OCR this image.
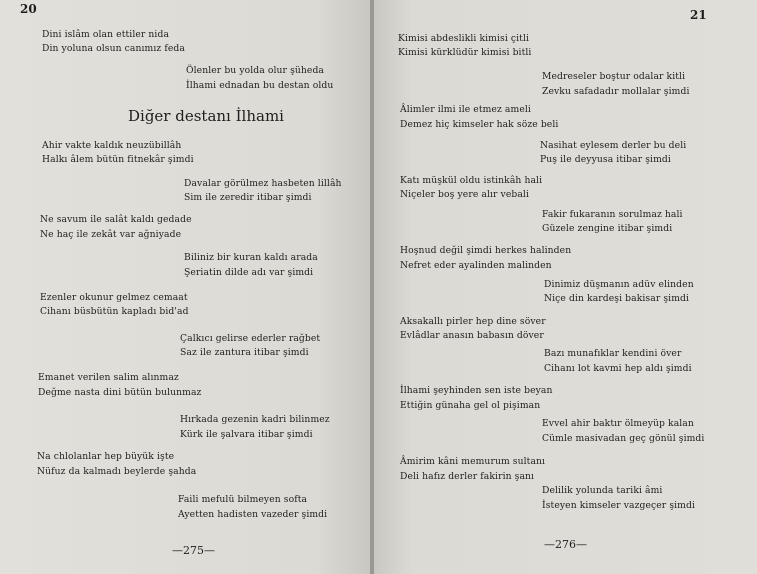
20
Dini islâm olan ettiler nida
Din yoluna olsun canımız feda
Ölenler bu yolda olur şüheda
İlhami ednadan bu destan oldu
Diğer destanı İlhami
Ahir vakte kaldık neuzübillâh
Halkı âlem bütün fitnekâr şimdi
Davalar görülmez hasbeten lillâh
Sim ile zeredir itibar şimdi
Ne savum ile salât kaldı gedade
Ne haç ile zekât var ağniyade
Biliniz bir kuran kaldı arada
Şeriatin dilde adı var şimdi
Ezenler okunur gelmez cemaat
Cihanı büsbütün kapladı bid'ad
Çalkıcı gelirse ederler rağbet
Saz ile zantura itibar şimdi
Emanet verilen salim alınmaz
Değme nasta dini bütün bulunmaz
Hırkada gezenin kadri bilinmez
Kürk ile şalvara itibar şimdi
Na chlolanlar hep büyük işte
Nüfuz da kalmadı beylerde şahda
Faili mefulü bilmeyen softa
Ayetten hadisten vazeder şimdi
—275—
21
Kimisi abdeslikli kimisi çitli
Kimisi kürklüdür kimisi bitli
Medreseler boştur odalar kitli
Zevku safadadır mollalar şimdi
Âlimler ilmi ile etmez ameli
Demez hiç kimseler hak söze beli
Nasihat eylesem derler bu deli
Puş ile deyyusa itibar şimdi
Katı müşkül oldu istinkâh hali
Niçeler boş yere alır vebali
Fakir fukaranın sorulmaz hali
Güzele zengine itibar şimdi
Hoşnud değil şimdi herkes halinden
Nefret eder ayalinden malinden
Dinimiz düşmanın adüv elinden
Niçe din kardeşi bakisar şimdi
Aksakallı pirler hep dine söver
Evlâdlar anasın babasın döver
Bazı munafıklar kendini över
Cihanı lot kavmi hep aldı şimdi
İlhami şeyhinden sen iste beyan
Ettiğin günaha gel ol pişiman
Evvel ahir baktır ölmeyüp kalan
Cümle masivadan geç gönül şimdi
Âmirim kâni memurum sultanı
Deli hafız derler fakirin şanı
Delilik yolunda tariki âmi
İsteyen kimseler vazgeçer şimdi
—276—
